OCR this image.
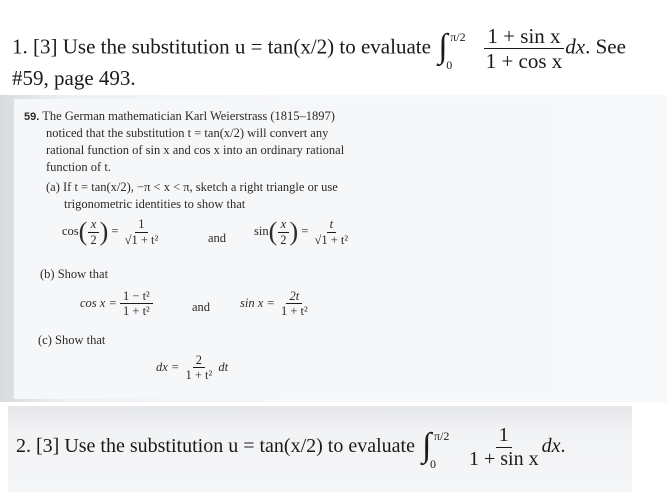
1. [3] Use the substitution u = tan(x/2) to evaluate ∫ π/2
0
$\frac{\text{1 + sin x}}{\text{1 + cos x}}$ dx. See
#59, page 493.
59. The German mathematician Karl Weierstrass (1815–1897)
noticed that the substitution t = tan(x/2) will convert any
rational function of sin x and cos x into an ordinary rational
function of t.
(a) If t = tan(x/2), −π < x < π, sketch a right triangle or use
trigonometric identities to show that
$\cos( \frac{x}{2}$ ) = $\frac{1}{\text{√1 + t²}}$	and
$\sin( \frac{x}{2}$ ) = $\frac{t}{\text{√1 + t²}}$
(b) Show that
$\cos x = \frac{\text{1 − t²}}{\text{1 + t²}}$	and $\sin x = \frac{2t}{\text{1 + t²}}$
(c) Show that
dx = $\frac{2}{\text{1 + t²}}$ dt
2. [3] Use the substitution u = tan(x/2) to evaluate ∫ π/2
0
$\frac{1}{\text{1 + sin x}}$ dx.
